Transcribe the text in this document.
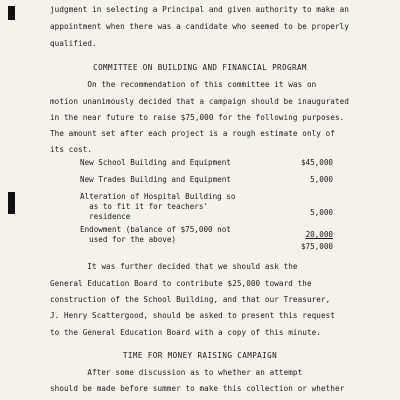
judgment in selecting a Principal and given authority to make an
appointment when there was a candidate who seemed to be properly
qualified.
COMMITTEE ON BUILDING AND FINANCIAL PROGRAM
On the recommendation of this committee it was on
motion unanimously decided that a campaign should be inaugurated
in the near future to raise $75,000 for the following purposes.
The amount set after each project is a rough estimate only of
its cost.
New School Building and Equipment	$45,000
New Trades Building and Equipment	5,000
Alteration of Hospital Building so
as to fit it for teachers'
residence	5,000
Endowment (balance of $75,000 not
used for the above)
20,000
$75,000
It was further decided that we should ask the
General Education Board to contribute $25,000 toward the
construction of the School Building, and that our Treasurer,
J. Henry Scattergood, should be asked to present this request
to the General Education Board with a copy of this minute.
TIME FOR MONEY RAISING CAMPAIGN
After some discussion as to whether an attempt
should be made before summer to make this collection or whether
